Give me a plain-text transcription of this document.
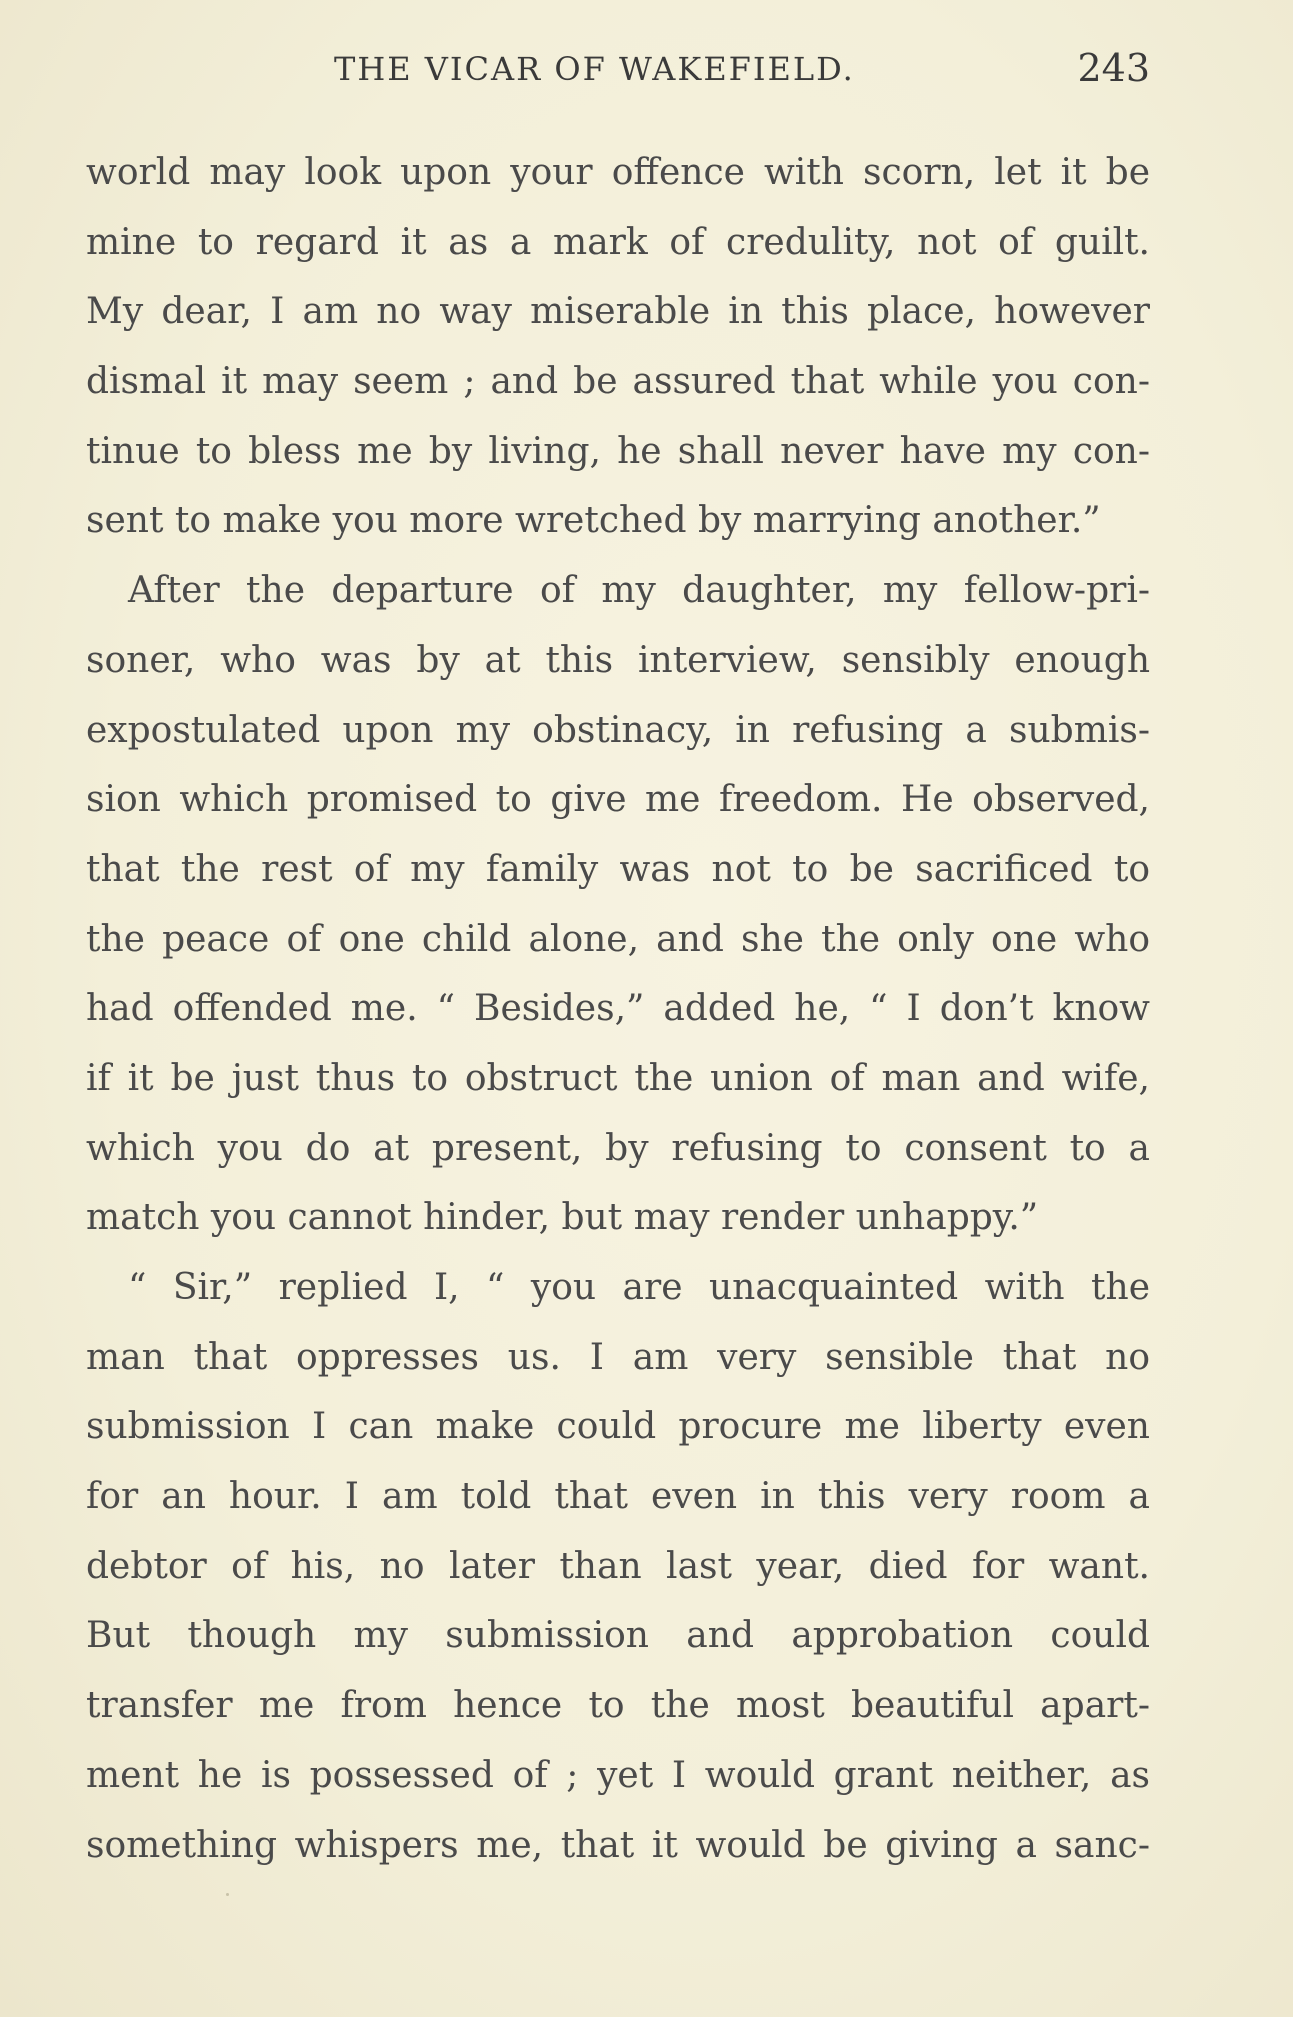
THE VICAR OF WAKEFIELD.	243
world may look upon your offence with scorn, let it be
mine to regard it as a mark of credulity, not of guilt.
My dear, I am no way miserable in this place, however
dismal it may seem ; and be assured that while you con-
tinue to bless me by living, he shall never have my con-
sent to make you more wretched by marrying another.”
After the departure of my daughter, my fellow-pri-
soner, who was by at this interview, sensibly enough
expostulated upon my obstinacy, in refusing a submis-
sion which promised to give me freedom. He observed,
that the rest of my family was not to be sacrificed to
the peace of one child alone, and she the only one who
had offended me. “ Besides,” added he, “ I don’t know
if it be just thus to obstruct the union of man and wife,
which you do at present, by refusing to consent to a
match you cannot hinder, but may render unhappy.”
“ Sir,” replied I, “ you are unacquainted with the
man that oppresses us. I am very sensible that no
submission I can make could procure me liberty even
for an hour. I am told that even in this very room a
debtor of his, no later than last year, died for want.
But though my submission and approbation could
transfer me from hence to the most beautiful apart-
ment he is possessed of ; yet I would grant neither, as
something whispers me, that it would be giving a sanc-
